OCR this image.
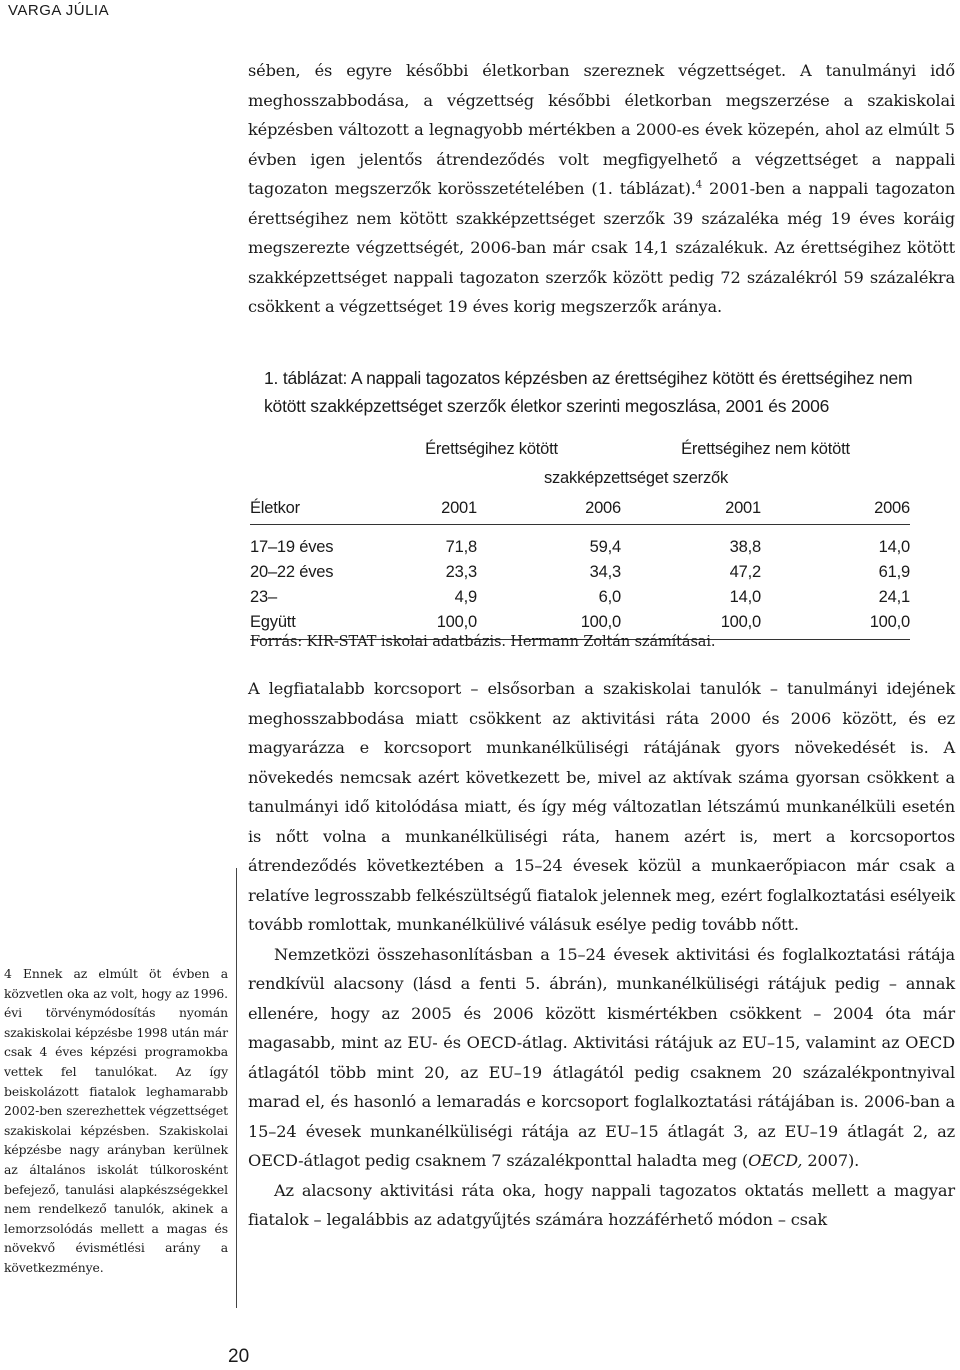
VARGA JÚLIA

sében, és egyre későbbi életkorban szereznek végzettséget. A tanulmányi idő meghosszabbodása, a végzettség későbbi életkorban megszerzése a szakiskolai képzésben változott a legnagyobb mértékben a 2000-es évek közepén, ahol az elmúlt 5 évben igen jelentős átrendeződés volt megfigyelhető a végzettséget a nappali tagozaton megszerzők korösszetételében (1. táblázat).$^4$ 2001-ben a nappali tagozaton érettségihez nem kötött szakképzettséget szerzők 39 százaléka még 19 éves koráig megszerezte végzettségét, 2006-ban már csak 14,1 százalékuk. Az érettségihez kötött szakképzettséget nappali tagozaton szerzők között pedig 72 százalékról 59 százalékra csökkent a végzettséget 19 éves korig megszerzők aránya.

1. táblázat: A nappali tagozatos képzésben az érettségihez kötött és érettségihez nem kötött szakképzettséget szerzők életkor szerinti megoszlása, 2001 és 2006
	Érettségihez kötött		Érettségihez nem kötött	
	szakképzettséget szerzők			
Életkor	2001	2006	2001	2006

17–19 éves	71,8	59,4	38,8	14,0
20–22 éves	23,3	34,3	47,2	61,9
23–	4,9	6,0	14,0	24,1
Együtt	100,0	100,0	100,0	100,0
Forrás: KIR-STAT iskolai adatbázis. Hermann Zoltán számításai.

A legfiatalabb korcsoport – elsősorban a szakiskolai tanulók – tanulmányi idejének meghosszabbodása miatt csökkent az aktivitási ráta 2000 és 2006 között, és ez magyarázza e korcsoport munkanélküliségi rátájának gyors növekedését is. A növekedés nemcsak azért következett be, mivel az aktívak száma gyorsan csökkent a tanulmányi idő kitolódása miatt, és így még változatlan létszámú munkanélküli esetén is nőtt volna a munkanélküliségi ráta, hanem azért is, mert a korcsoportos átrendeződés következtében a 15–24 évesek közül a munkaerőpiacon már csak a relatíve legrosszabb felkészültségű fiatalok jelennek meg, ezért foglalkoztatási esélyeik tovább romlottak, munkanélkülivé válásuk esélye pedig tovább nőtt.

Nemzetközi összehasonlításban a 15–24 évesek aktivitási és foglalkoztatási rátája rendkívül alacsony (lásd a fenti 5. ábrán), munkanélküliségi rátájuk pedig – annak ellenére, hogy az 2005 és 2006 között kismértékben csökkent – 2004 óta már magasabb, mint az EU- és OECD-átlag. Aktivitási rátájuk az EU–15, valamint az OECD átlagától több mint 20, az EU–19 átlagától pedig csaknem 20 százalékpontnyival marad el, és hasonló a lemaradás e korcsoport foglalkoztatási rátájában is. 2006-ban a 15–24 évesek munkanélküliségi rátája az EU–15 átlagát 3, az EU–19 átlagát 2, az OECD-átlagot pedig csaknem 7 százalékponttal haladta meg (OECD, 2007).

Az alacsony aktivitási ráta oka, hogy nappali tagozatos oktatás mellett a magyar fiatalok – legalábbis az adatgyűjtés számára hozzáférhető módon – csak

4 Ennek az elmúlt öt évben a közvetlen oka az volt, hogy az 1996. évi törvénymódosítás nyomán szakiskolai képzésbe 1998 után már csak 4 éves képzési programokba vettek fel tanulókat. Az így beiskolázott fiatalok leghamarabb 2002-ben szerezhettek végzettséget szakiskolai képzésben. Szakiskolai képzésbe nagy arányban kerülnek az általános iskolát túlkorosként befejező, tanulási alapkészségekkel nem rendelkező tanulók, akinek a lemorzsolódás mellett a magas és növekvő évismétlési arány a következménye.
20
